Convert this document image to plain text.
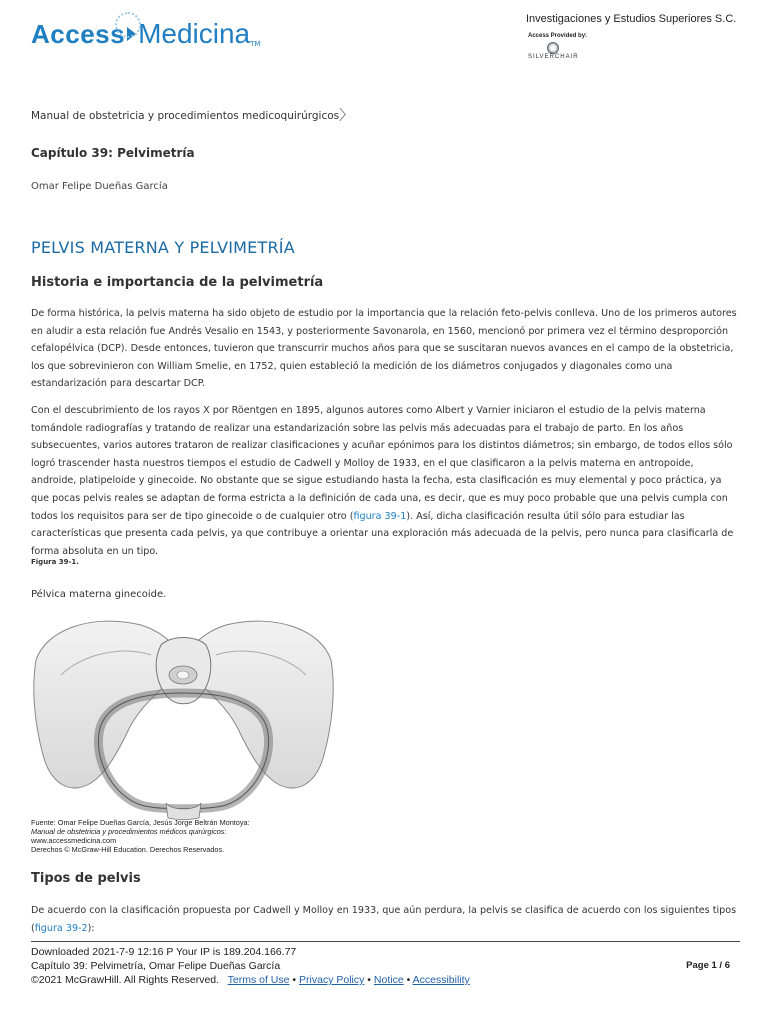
Access Medicina TM
Investigaciones y Estudios Superiores S.C.
Access Provided by:
SILVERCHAIR
Manual de obstetricia y procedimientos medicoquirúrgicos〉
Capítulo 39: Pelvimetría
Omar Felipe Dueñas García
PELVIS MATERNA Y PELVIMETRÍA
Historia e importancia de la pelvimetría
De forma histórica, la pelvis materna ha sido objeto de estudio por la importancia que la relación feto-pelvis conlleva. Uno de los primeros autores en aludir a esta relación fue Andrés Vesalio en 1543, y posteriormente Savonarola, en 1560, mencionó por primera vez el término desproporción cefalopélvica (DCP). Desde entonces, tuvieron que transcurrir muchos años para que se suscitaran nuevos avances en el campo de la obstetricia, los que sobrevinieron con William Smelie, en 1752, quien estableció la medición de los diámetros conjugados y diagonales como una estandarización para descartar DCP.
Con el descubrimiento de los rayos X por Röentgen en 1895, algunos autores como Albert y Varnier iniciaron el estudio de la pelvis materna tomándole radiografías y tratando de realizar una estandarización sobre las pelvis más adecuadas para el trabajo de parto. En los años subsecuentes, varios autores trataron de realizar clasificaciones y acuñar epónimos para los distintos diámetros; sin embargo, de todos ellos sólo logró trascender hasta nuestros tiempos el estudio de Cadwell y Molloy de 1933, en el que clasificaron a la pelvis materna en antropoide, androide, platipeloide y ginecoide. No obstante que se sigue estudiando hasta la fecha, esta clasificación es muy elemental y poco práctica, ya que pocas pelvis reales se adaptan de forma estricta a la definición de cada una, es decir, que es muy poco probable que una pelvis cumpla con todos los requisitos para ser de tipo ginecoide o de cualquier otro (figura 39-1). Así, dicha clasificación resulta útil sólo para estudiar las características que presenta cada pelvis, ya que contribuye a orientar una exploración más adecuada de la pelvis, pero nunca para clasificarla de forma absoluta en un tipo.
Figura 39-1.
Pélvica materna ginecoide.
Fuente: Omar Felipe Dueñas García, Jesús Jorge Beltrán Montoya:
Manual de obstetricia y procedimientos médicos quirúrgicos:
www.accessmedicina.com
Derechos © McGraw-Hill Education. Derechos Reservados.
Tipos de pelvis
De acuerdo con la clasificación propuesta por Cadwell y Molloy en 1933, que aún perdura, la pelvis se clasifica de acuerdo con los siguientes tipos (figura 39-2):
Downloaded 2021-7-9 12:16 P Your IP is 189.204.166.77
Capítulo 39: Pelvimetría, Omar Felipe Dueñas García
©2021 McGrawHill. All Rights Reserved. Terms of Use • Privacy Policy • Notice • Accessibility
Page 1 / 6
